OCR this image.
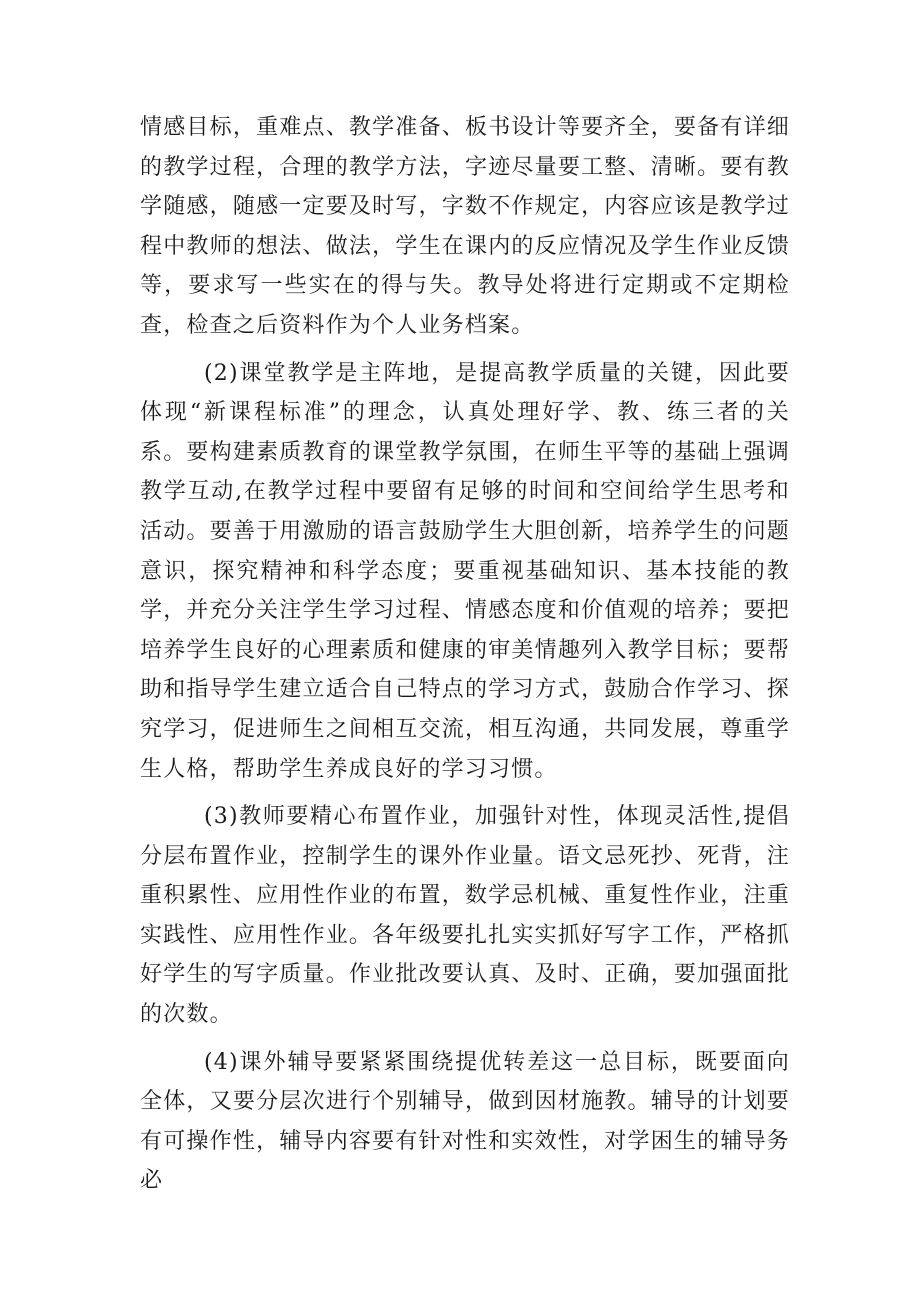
情感目标，重难点、教学准备、板书设计等要齐全，要备有详细的教学过程，合理的教学方法，字迹尽量要工整、清晰。要有教学随感，随感一定要及时写，字数不作规定，内容应该是教学过程中教师的想法、做法，学生在课内的反应情况及学生作业反馈等，要求写一些实在的得与失。教导处将进行定期或不定期检查，检查之后资料作为个人业务档案。

(2)课堂教学是主阵地，是提高教学质量的关键，因此要体现“新课程标准”的理念，认真处理好学、教、练三者的关系。要构建素质教育的课堂教学氛围，在师生平等的基础上强调教学互动,在教学过程中要留有足够的时间和空间给学生思考和活动。要善于用激励的语言鼓励学生大胆创新，培养学生的问题意识，探究精神和科学态度；要重视基础知识、基本技能的教学，并充分关注学生学习过程、情感态度和价值观的培养；要把培养学生良好的心理素质和健康的审美情趣列入教学目标；要帮助和指导学生建立适合自己特点的学习方式，鼓励合作学习、探究学习，促进师生之间相互交流，相互沟通，共同发展，尊重学生人格，帮助学生养成良好的学习习惯。

(3)教师要精心布置作业，加强针对性，体现灵活性,提倡分层布置作业，控制学生的课外作业量。语文忌死抄、死背，注重积累性、应用性作业的布置，数学忌机械、重复性作业，注重实践性、应用性作业。各年级要扎扎实实抓好写字工作，严格抓好学生的写字质量。作业批改要认真、及时、正确，要加强面批的次数。

(4)课外辅导要紧紧围绕提优转差这一总目标，既要面向全体，又要分层次进行个别辅导，做到因材施教。辅导的计划要有可操作性，辅导内容要有针对性和实效性，对学困生的辅导务必
